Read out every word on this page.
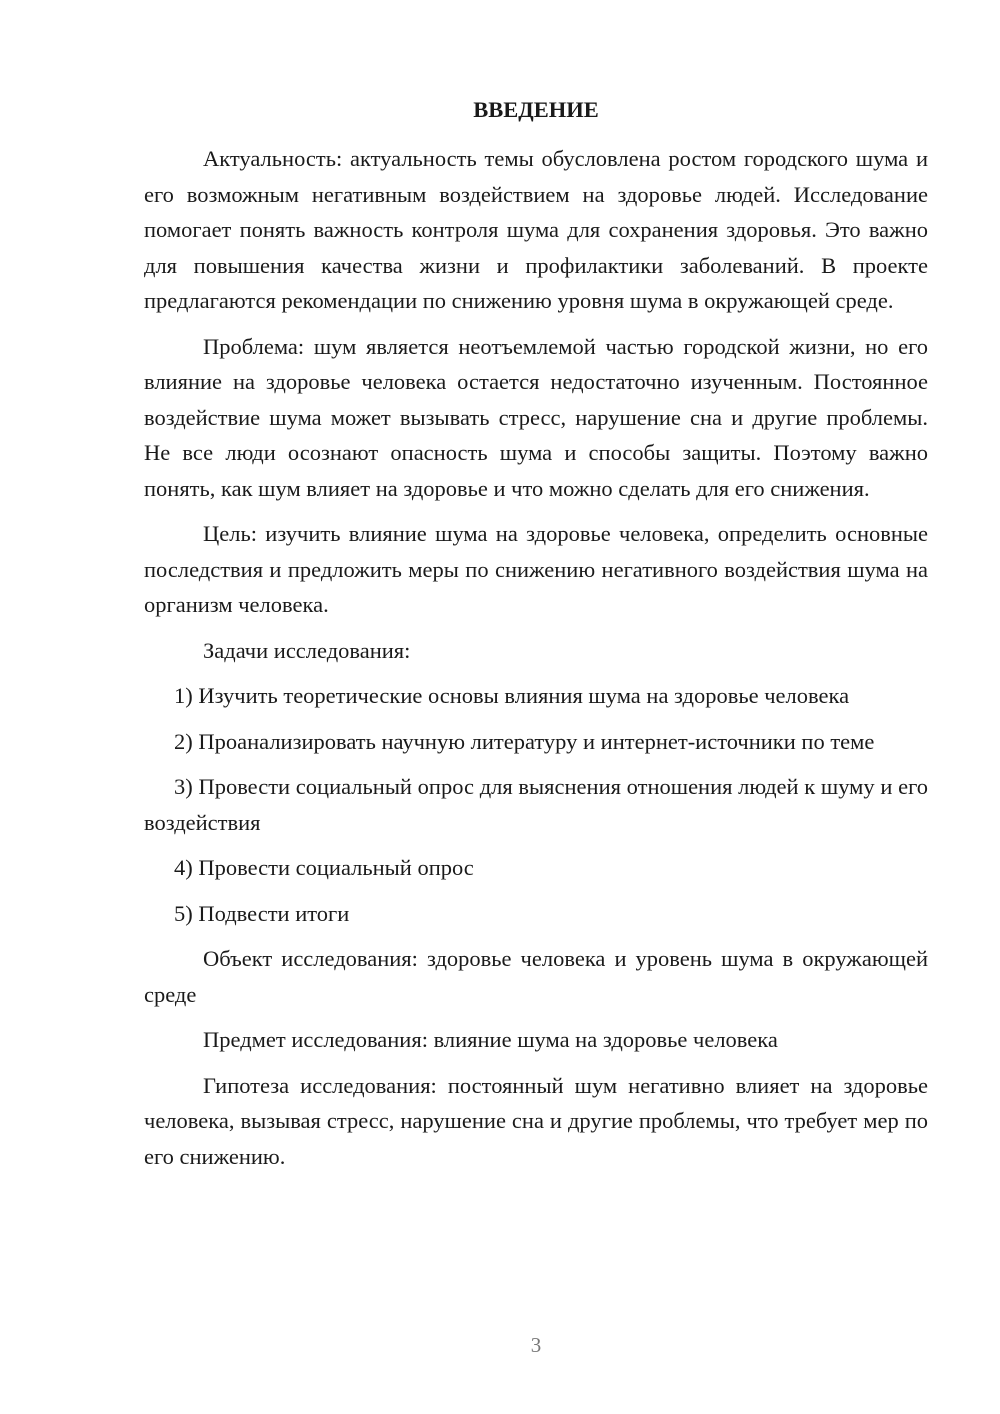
ВВЕДЕНИЕ

Актуальность: актуальность темы обусловлена ростом городского шума и его возможным негативным воздействием на здоровье людей. Исследование помогает понять важность контроля шума для сохранения здоровья. Это важно для повышения качества жизни и профилактики заболеваний. В проекте предлагаются рекомендации по снижению уровня шума в окружающей среде.

Проблема: шум является неотъемлемой частью городской жизни, но его влияние на здоровье человека остается недостаточно изученным. Постоянное воздействие шума может вызывать стресс, нарушение сна и другие проблемы. Не все люди осознают опасность шума и способы защиты. Поэтому важно понять, как шум влияет на здоровье и что можно сделать для его снижения.

Цель: изучить влияние шума на здоровье человека, определить основные последствия и предложить меры по снижению негативного воздействия шума на организм человека.

Задачи исследования:

1) Изучить теоретические основы влияния шума на здоровье человека

2) Проанализировать научную литературу и интернет-источники по теме

3) Провести социальный опрос для выяснения отношения людей к шуму и его воздействия

4) Провести социальный опрос

5) Подвести итоги

Объект исследования: здоровье человека и уровень шума в окружающей среде

Предмет исследования: влияние шума на здоровье человека

Гипотеза исследования: постоянный шум негативно влияет на здоровье человека, вызывая стресс, нарушение сна и другие проблемы, что требует мер по его снижению.

3
